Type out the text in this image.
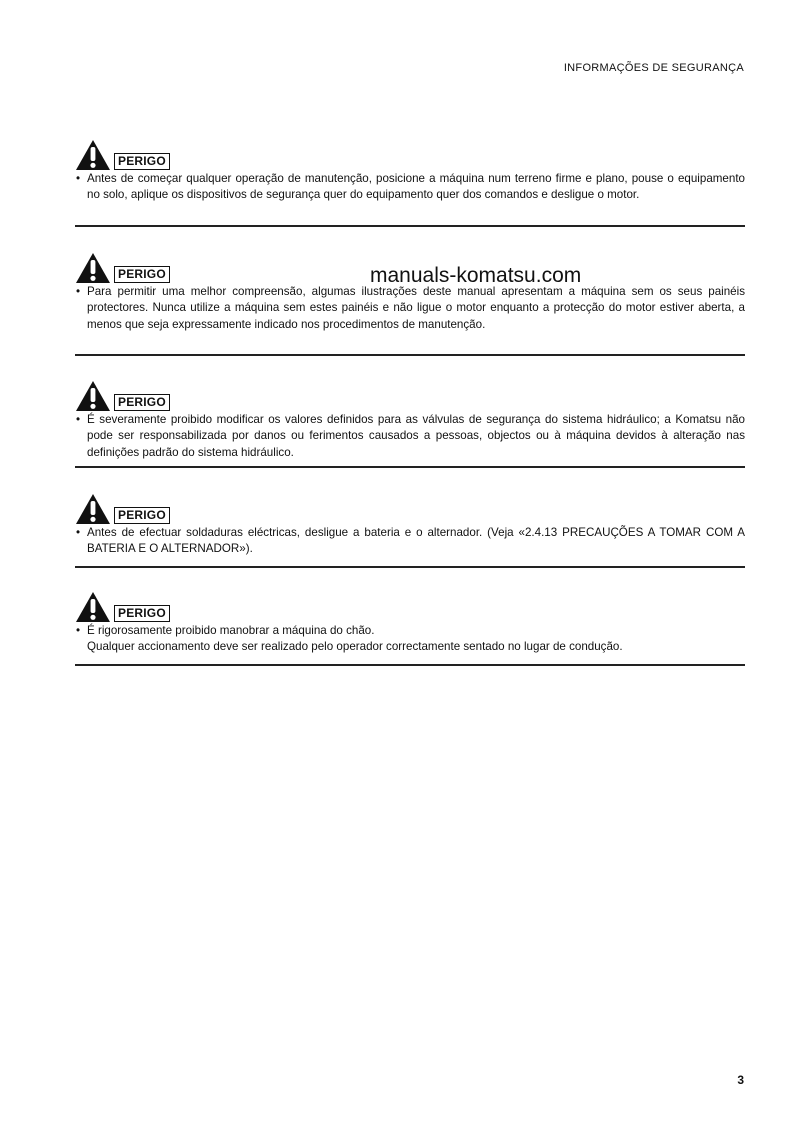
INFORMAÇÕES DE SEGURANÇA
manuals-komatsu.com
PERIGO
• Antes de começar qualquer operação de manutenção, posicione a máquina num terreno firme e plano, pouse o equipamento no solo, aplique os dispositivos de segurança quer do equipamento quer dos comandos e desligue o motor.

PERIGO
• Para permitir uma melhor compreensão, algumas ilustrações deste manual apresentam a máquina sem os seus painéis protectores. Nunca utilize a máquina sem estes painéis e não ligue o motor enquanto a protecção do motor estiver aberta, a menos que seja expressamente indicado nos procedimentos de manutenção.

PERIGO
• É severamente proibido modificar os valores definidos para as válvulas de segurança do sistema hidráulico; a Komatsu não pode ser responsabilizada por danos ou ferimentos causados a pessoas, objectos ou à máquina devidos à alteração nas definições padrão do sistema hidráulico.

PERIGO
• Antes de efectuar soldaduras eléctricas, desligue a bateria e o alternador. (Veja «2.4.13 PRECAUÇÕES A TOMAR COM A BATERIA E O ALTERNADOR»).

PERIGO
• É rigorosamente proibido manobrar a máquina do chão.

Qualquer accionamento deve ser realizado pelo operador correctamente sentado no lugar de condução.

3
